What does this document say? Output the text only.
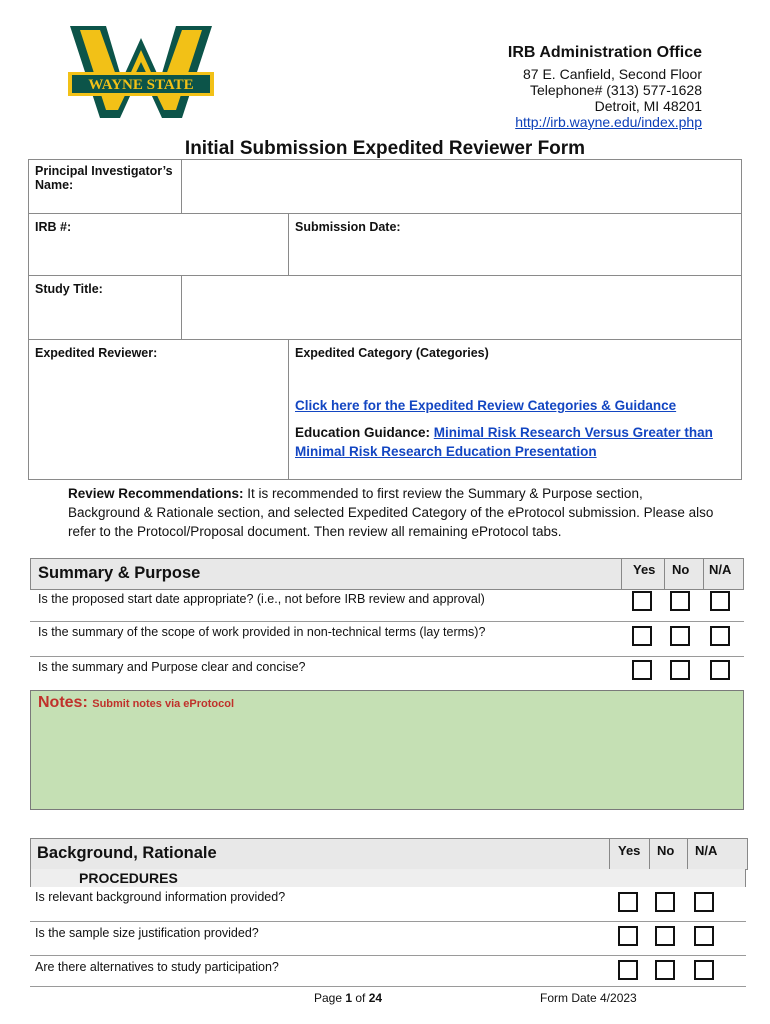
WAYNE STATE
IRB Administration Office
87 E. Canfield, Second Floor
Telephone# (313) 577-1628
Detroit, MI 48201
http://irb.wayne.edu/index.php
Initial Submission Expedited Reviewer Form
Principal Investigator’s Name:		
IRB #:		Submission Date:
Study Title:		
Expedited Reviewer:		Expedited Category (Categories)
Click here for the Expedited Review Categories & Guidance
Education Guidance: Minimal Risk Research Versus Greater than Minimal Risk Research Education Presentation
Review Recommendations: It is recommended to first review the Summary & Purpose section, Background & Rationale section, and selected Expedited Category of the eProtocol submission. Please also refer to the Protocol/Proposal document. Then review all remaining eProtocol tabs.
Summary & Purpose	Yes No N/A
Is the proposed start date appropriate? (i.e., not before IRB review and approval)
Is the summary of the scope of work provided in non-technical terms (lay terms)?
Is the summary and Purpose clear and concise?
Notes: Submit notes via eProtocol
Background, Rationale	Yes No N/A
PROCEDURES
Is relevant background information provided?
Is the sample size justification provided?
Are there alternatives to study participation?
Page 1 of 24	Form Date 4/2023
